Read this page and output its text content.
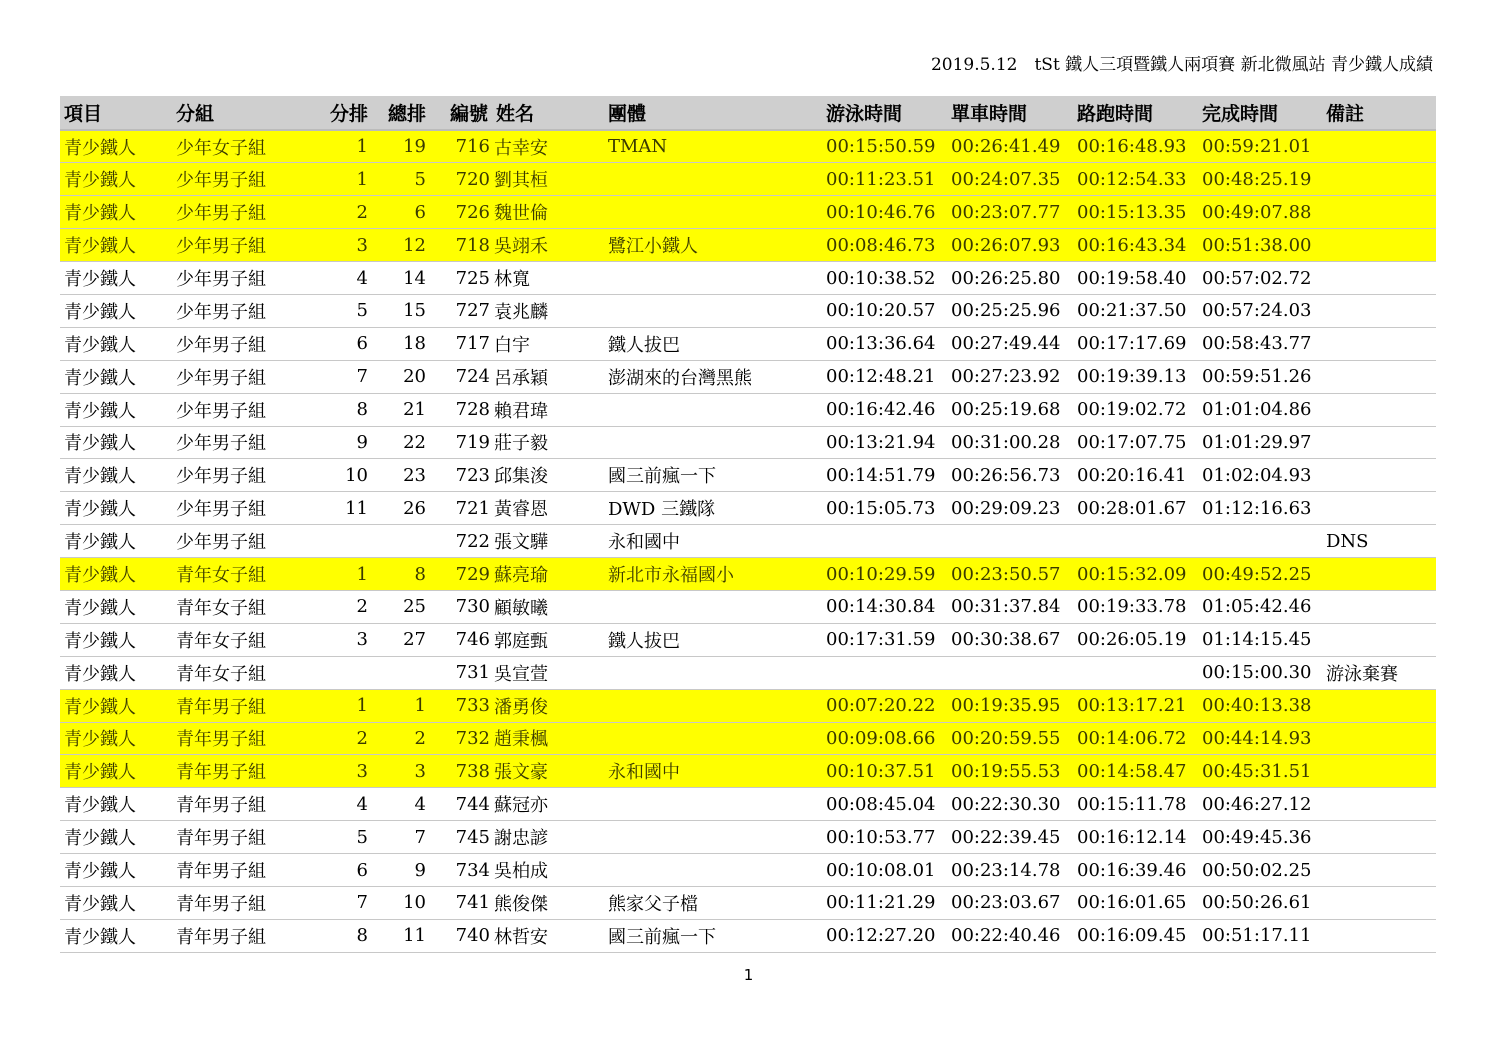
2019.5.12　tSt 鐵人三項暨鐵人兩項賽 新北微風站 青少鐵人成績
項目	分組	分排	總排	編號	姓名	團體	游泳時間	單車時間	路跑時間	完成時間	備註
青少鐵人	少年女子組	1	19	716	古幸安	TMAN	00:15:50.59	00:26:41.49	00:16:48.93	00:59:21.01	
青少鐵人	少年男子組	1	5	720	劉其桓		00:11:23.51	00:24:07.35	00:12:54.33	00:48:25.19	
青少鐵人	少年男子組	2	6	726	魏世倫		00:10:46.76	00:23:07.77	00:15:13.35	00:49:07.88	
青少鐵人	少年男子組	3	12	718	吳翊禾	鷺江小鐵人	00:08:46.73	00:26:07.93	00:16:43.34	00:51:38.00	
青少鐵人	少年男子組	4	14	725	林寬		00:10:38.52	00:26:25.80	00:19:58.40	00:57:02.72	
青少鐵人	少年男子組	5	15	727	袁兆麟		00:10:20.57	00:25:25.96	00:21:37.50	00:57:24.03	
青少鐵人	少年男子組	6	18	717	白宇	鐵人拔巴	00:13:36.64	00:27:49.44	00:17:17.69	00:58:43.77	
青少鐵人	少年男子組	7	20	724	呂承穎	澎湖來的台灣黑熊	00:12:48.21	00:27:23.92	00:19:39.13	00:59:51.26	
青少鐵人	少年男子組	8	21	728	賴君瑋		00:16:42.46	00:25:19.68	00:19:02.72	01:01:04.86	
青少鐵人	少年男子組	9	22	719	莊子毅		00:13:21.94	00:31:00.28	00:17:07.75	01:01:29.97	
青少鐵人	少年男子組	10	23	723	邱集浚	國三前瘋一下	00:14:51.79	00:26:56.73	00:20:16.41	01:02:04.93	
青少鐵人	少年男子組	11	26	721	黃睿恩	DWD 三鐵隊	00:15:05.73	00:29:09.23	00:28:01.67	01:12:16.63	
青少鐵人	少年男子組			722	張文驊	永和國中					DNS
青少鐵人	青年女子組	1	8	729	蘇亮瑜	新北市永福國小	00:10:29.59	00:23:50.57	00:15:32.09	00:49:52.25	
青少鐵人	青年女子組	2	25	730	顧敏曦		00:14:30.84	00:31:37.84	00:19:33.78	01:05:42.46	
青少鐵人	青年女子組	3	27	746	郭庭甄	鐵人拔巴	00:17:31.59	00:30:38.67	00:26:05.19	01:14:15.45	
青少鐵人	青年女子組			731	吳宣萱					00:15:00.30	游泳棄賽
青少鐵人	青年男子組	1	1	733	潘勇俊		00:07:20.22	00:19:35.95	00:13:17.21	00:40:13.38	
青少鐵人	青年男子組	2	2	732	趙秉楓		00:09:08.66	00:20:59.55	00:14:06.72	00:44:14.93	
青少鐵人	青年男子組	3	3	738	張文豪	永和國中	00:10:37.51	00:19:55.53	00:14:58.47	00:45:31.51	
青少鐵人	青年男子組	4	4	744	蘇冠亦		00:08:45.04	00:22:30.30	00:15:11.78	00:46:27.12	
青少鐵人	青年男子組	5	7	745	謝忠諺		00:10:53.77	00:22:39.45	00:16:12.14	00:49:45.36	
青少鐵人	青年男子組	6	9	734	吳柏成		00:10:08.01	00:23:14.78	00:16:39.46	00:50:02.25	
青少鐵人	青年男子組	7	10	741	熊俊傑	熊家父子檔	00:11:21.29	00:23:03.67	00:16:01.65	00:50:26.61	
青少鐵人	青年男子組	8	11	740	林哲安	國三前瘋一下	00:12:27.20	00:22:40.46	00:16:09.45	00:51:17.11	
1
